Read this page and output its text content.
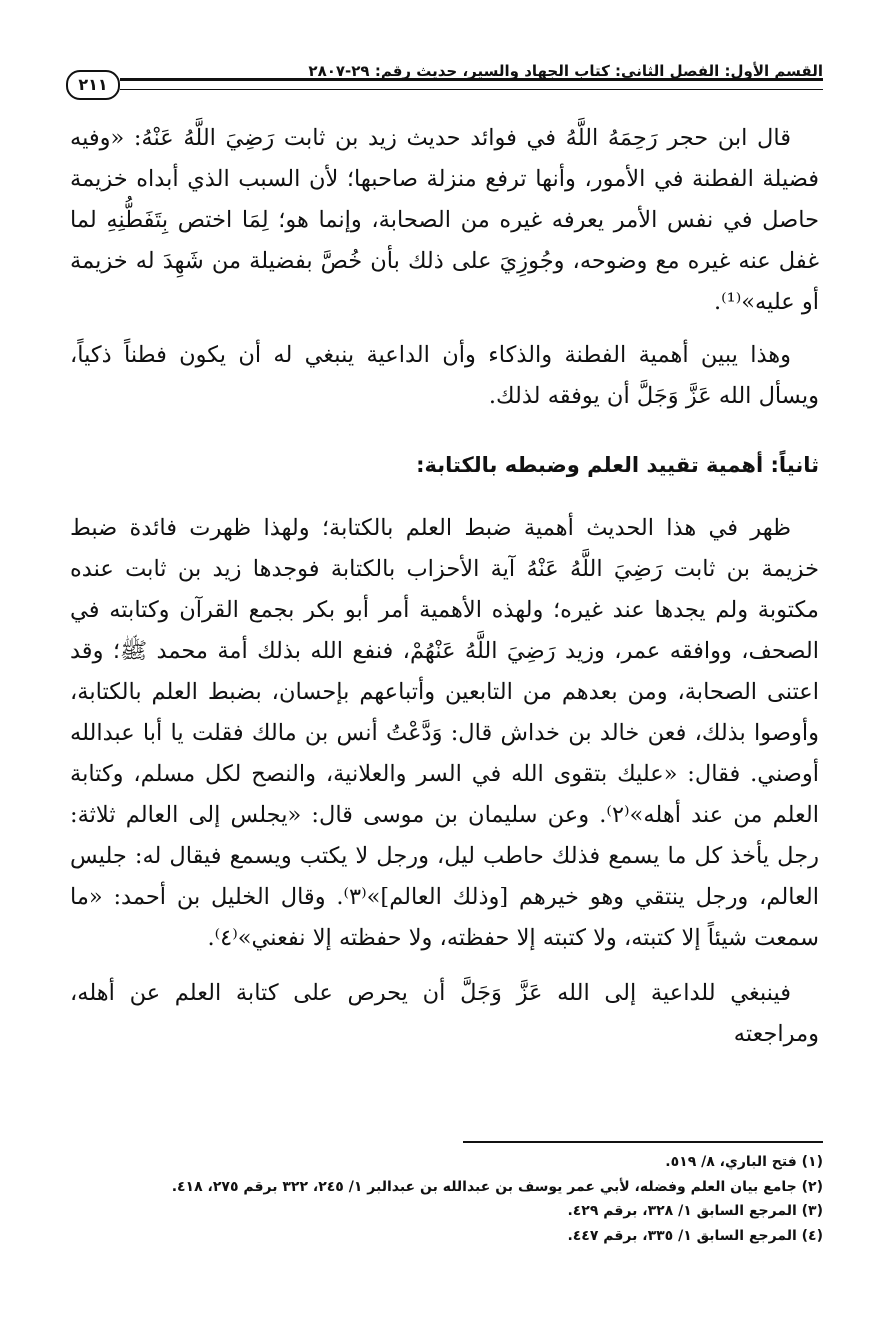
القسم الأول: الفصل الثاني: كتاب الجهاد والسير، حديث رقم: ٢٩-٢٨٠٧
٢١١

قال ابن حجر رَحِمَهُ اللَّهُ في فوائد حديث زيد بن ثابت رَضِيَ اللَّهُ عَنْهُ: «وفيه فضيلة الفطنة في الأمور، وأنها ترفع منزلة صاحبها؛ لأن السبب الذي أبداه خزيمة حاصل في نفس الأمر يعرفه غيره من الصحابة، وإنما هو؛ لِمَا اختص بِتَفَطُّنِهِ لما غفل عنه غيره مع وضوحه، وجُوزِيَ على ذلك بأن خُصَّ بفضيلة من شَهِدَ له خزيمة أو عليه»⁽¹⁾.

وهذا يبين أهمية الفطنة والذكاء وأن الداعية ينبغي له أن يكون فطناً ذكياً، ويسأل الله عَزَّ وَجَلَّ أن يوفقه لذلك.

ثانياً: أهمية تقييد العلم وضبطه بالكتابة:

ظهر في هذا الحديث أهمية ضبط العلم بالكتابة؛ ولهذا ظهرت فائدة ضبط خزيمة بن ثابت رَضِيَ اللَّهُ عَنْهُ آية الأحزاب بالكتابة فوجدها زيد بن ثابت عنده مكتوبة ولم يجدها عند غيره؛ ولهذه الأهمية أمر أبو بكر بجمع القرآن وكتابته في الصحف، ووافقه عمر، وزيد رَضِيَ اللَّهُ عَنْهُمْ، فنفع الله بذلك أمة محمد ﷺ؛ وقد اعتنى الصحابة، ومن بعدهم من التابعين وأتباعهم بإحسان، بضبط العلم بالكتابة، وأوصوا بذلك، فعن خالد بن خداش قال: وَدَّعْتُ أنس بن مالك فقلت يا أبا عبدالله أوصني. فقال: «عليك بتقوى الله في السر والعلانية، والنصح لكل مسلم، وكتابة العلم من عند أهله»⁽٢⁾. وعن سليمان بن موسى قال: «يجلس إلى العالم ثلاثة: رجل يأخذ كل ما يسمع فذلك حاطب ليل، ورجل لا يكتب ويسمع فيقال له: جليس العالم، ورجل ينتقي وهو خيرهم [وذلك العالم]»⁽٣⁾. وقال الخليل بن أحمد: «ما سمعت شيئاً إلا كتبته، ولا كتبته إلا حفظته، ولا حفظته إلا نفعني»⁽٤⁾.

فينبغي للداعية إلى الله عَزَّ وَجَلَّ أن يحرص على كتابة العلم عن أهله، ومراجعته

(١) فتح الباري، ٨/ ٥١٩.
(٢) جامع بيان العلم وفضله، لأبي عمر يوسف بن عبدالله بن عبدالبر ١/ ٢٤٥، ٣٢٢ برقم ٢٧٥، ٤١٨.
(٣) المرجع السابق ١/ ٣٢٨، برقم ٤٢٩.
(٤) المرجع السابق ١/ ٣٣٥، برقم ٤٤٧.
